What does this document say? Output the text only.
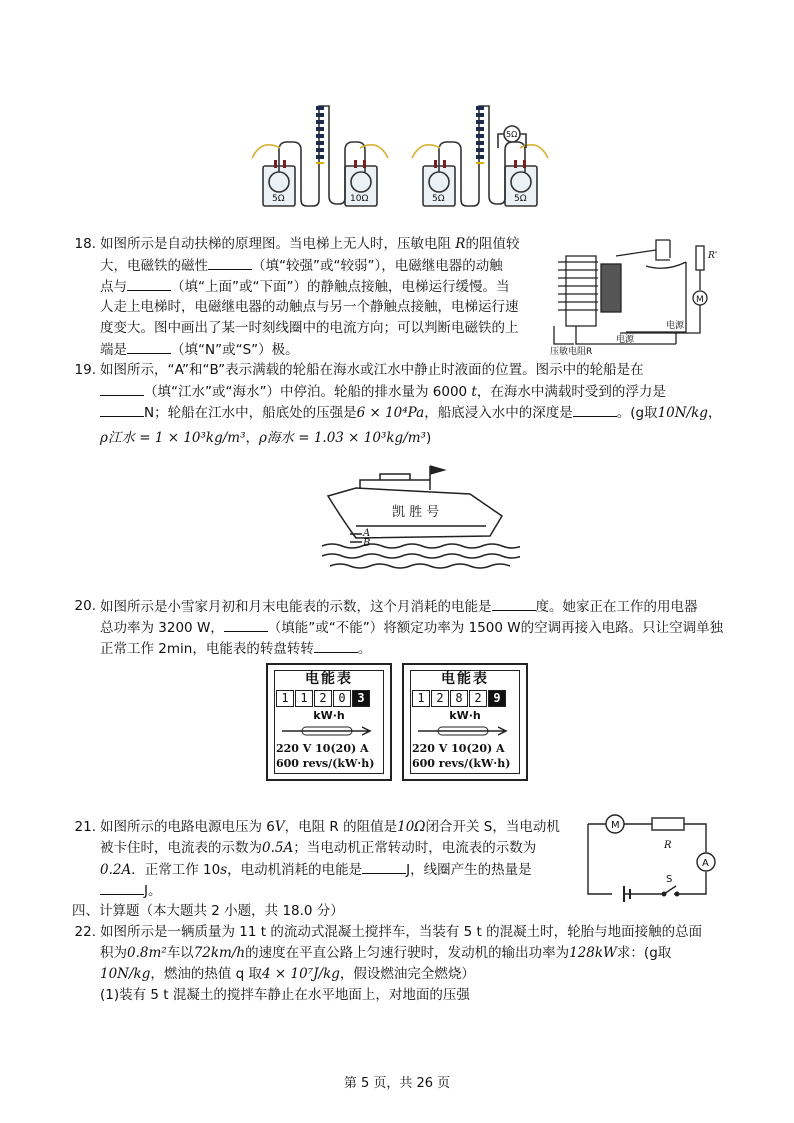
5Ω	10Ω	5Ω	5Ω
5Ω
18. 如图所示是自动扶梯的原理图。当电梯上无人时，压敏电阻 R的阻值较
大，电磁铁的磁性	（填“较强”或“较弱”），电磁继电器的动触
点与	（填“上面”或“下面”）的静触点接触，电梯运行缓慢。当
人走上电梯时，电磁继电器的动触点与另一个静触点接触，电梯运行速
度变大。图中画出了某一时刻线圈中的电流方向；可以判断电磁铁的上
端是	（填“N”或“S”）极。
R'
M
电源
电源
压敏电阻R
19. 如图所示，“A”和“B”表示满载的轮船在海水或江水中静止时液面的位置。图示中的轮船是在
（填“江水”或“海水”）中停泊。轮船的排水量为 6000 t，在海水中满载时受到的浮力是
N；轮船在江水中，船底处的压强是6 × 10⁴Pa，船底浸入水中的深度是	。(g取10N/kg，
ρ江水 = 1 × 10³kg/m³，ρ海水 = 1.03 × 10³kg/m³)
凯 胜 号
A
B
20. 如图所示是小雪家月初和月末电能表的示数，这个月消耗的电能是	度。她家正在工作的用电器
总功率为 3200 W，	（填能”或“不能”）将额定功率为 1500 W的空调再接入电路。只让空调单独
正常工作 2min，电能表的转盘转转	。
电能表
1 1 2 0 3
kW·h
220 V 10(20) A
600 revs/(kW·h)
电能表
1 2 8 2 9
kW·h
220 V 10(20) A
600 revs/(kW·h)
21. 如图所示的电路电源电压为 6V，电阻 R 的阻值是10Ω闭合开关 S，当电动机
被卡住时，电流表的示数为0.5A；当电动机正常转动时，电流表的示数为
0.2A．正常工作 10s，电动机消耗的电能是	J，线圈产生的热量是
J。
M
R
A
S
四、计算题（本大题共 2 小题，共 18.0 分）
22. 如图所示是一辆质量为 11 t 的流动式混凝土搅拌车，当装有 5 t 的混凝土时，轮胎与地面接触的总面
积为0.8m²车以72km/h的速度在平直公路上匀速行驶时，发动机的输出功率为128kW求：(g取
10N/kg，燃油的热值 q 取4 × 10⁷J/kg，假设燃油完全燃烧）
(1)装有 5 t 混凝土的搅拌车静止在水平地面上，对地面的压强
第 5 页，共 26 页
